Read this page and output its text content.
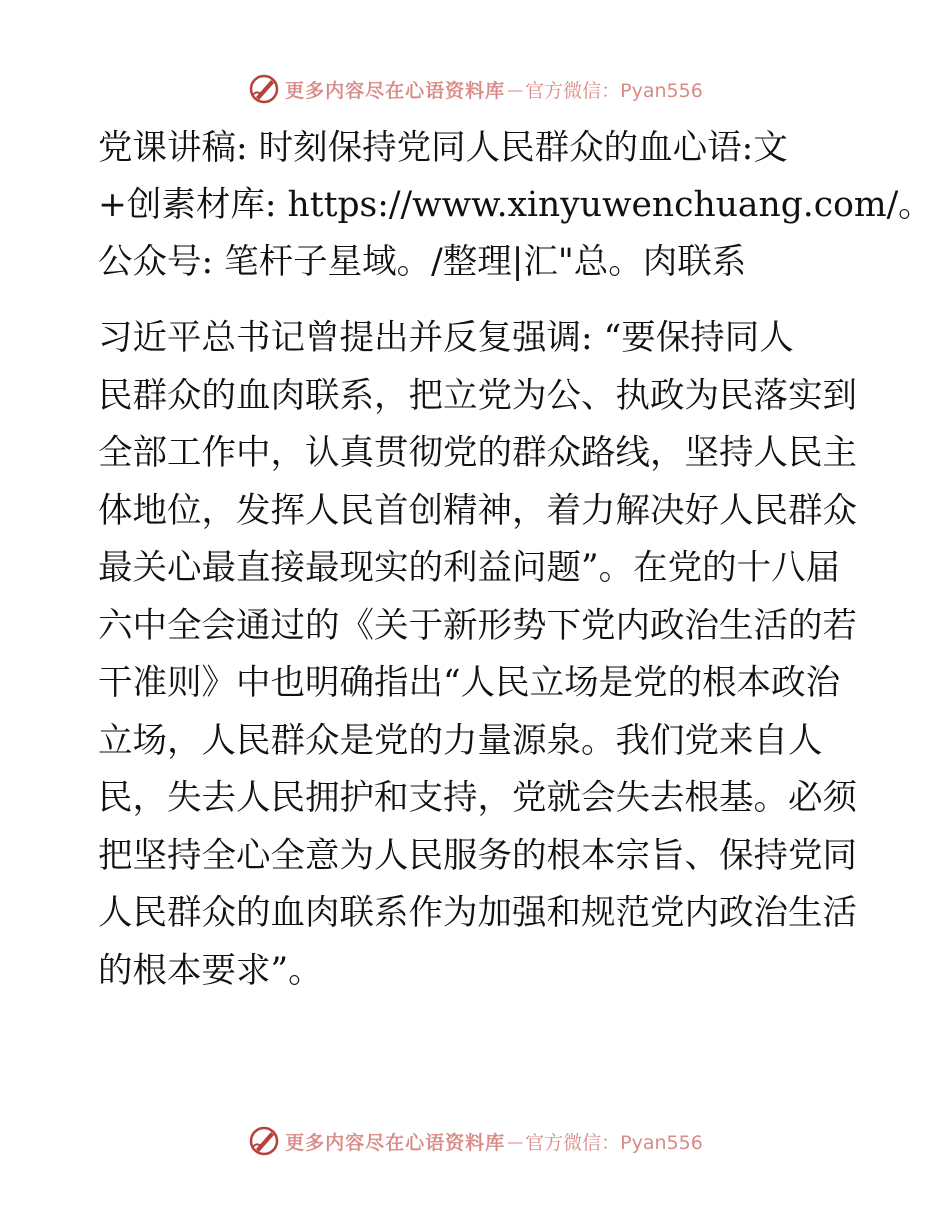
更多内容尽在心语资料库 — 官方微信：Pyan556
党课讲稿: 时刻保持党同人民群众的血心语:文
+创素材库: https://www.xinyuwenchuang.com/。
公众号: 笔杆子星域。/整理|汇"总。肉联系
习近平总书记曾提出并反复强调: “要保持同人
民群众的血肉联系，把立党为公、执政为民落实到
全部工作中，认真贯彻党的群众路线，坚持人民主
体地位，发挥人民首创精神，着力解决好人民群众
最关心最直接最现实的利益问题”。在党的十八届
六中全会通过的《关于新形势下党内政治生活的若
干准则》中也明确指出“人民立场是党的根本政治
立场，人民群众是党的力量源泉。我们党来自人
民，失去人民拥护和支持，党就会失去根基。必须
把坚持全心全意为人民服务的根本宗旨、保持党同
人民群众的血肉联系作为加强和规范党内政治生活
的根本要求”。
更多内容尽在心语资料库 — 官方微信：Pyan556
